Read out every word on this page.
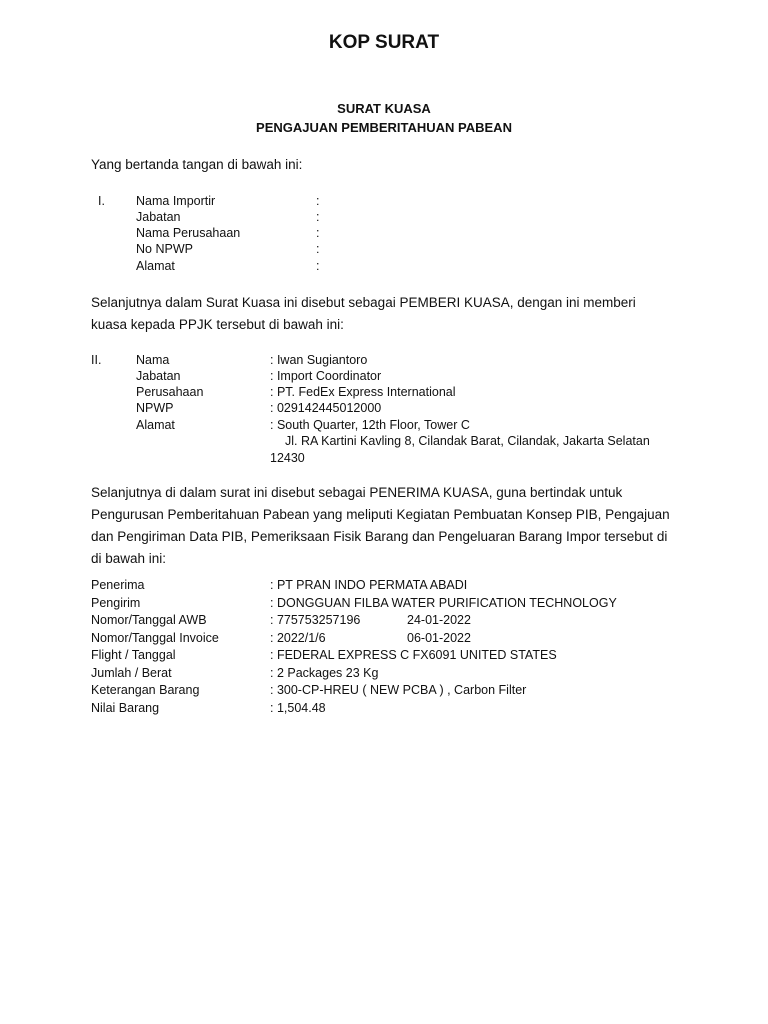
KOP SURAT
SURAT KUASA
PENGAJUAN PEMBERITAHUAN PABEAN
Yang bertanda tangan di bawah ini:
I. Nama Importir	:
Jabatan	:
Nama Perusahaan	:
No NPWP	:
Alamat	:
Selanjutnya dalam Surat Kuasa ini disebut sebagai PEMBERI KUASA, dengan ini memberi kuasa kepada PPJK tersebut di bawah ini:
II.	Nama	: Iwan Sugiantoro
Jabatan	: Import Coordinator
Perusahaan	: PT. FedEx Express International
NPWP	: 029142445012000
Alamat	: South Quarter, 12th Floor, Tower C
Jl. RA Kartini Kavling 8, Cilandak Barat, Cilandak, Jakarta Selatan
12430
Selanjutnya di dalam surat ini disebut sebagai PENERIMA KUASA, guna bertindak untuk Pengurusan Pemberitahuan Pabean yang meliputi Kegiatan Pembuatan Konsep PIB, Pengajuan dan Pengiriman Data PIB, Pemeriksaan Fisik Barang dan Pengeluaran Barang Impor tersebut di di bawah ini:
Penerima	: PT PRAN INDO PERMATA ABADI
Pengirim	: DONGGUAN FILBA WATER PURIFICATION TECHNOLOGY
Nomor/Tanggal AWB	: 775753257196	24-01-2022
Nomor/Tanggal Invoice	: 2022/1/6	06-01-2022
Flight / Tanggal	: FEDERAL EXPRESS C FX6091 UNITED STATES
Jumlah / Berat	: 2 Packages 23 Kg
Keterangan Barang	: 300-CP-HREU ( NEW PCBA ) , Carbon Filter
Nilai Barang	: 1,504.48
